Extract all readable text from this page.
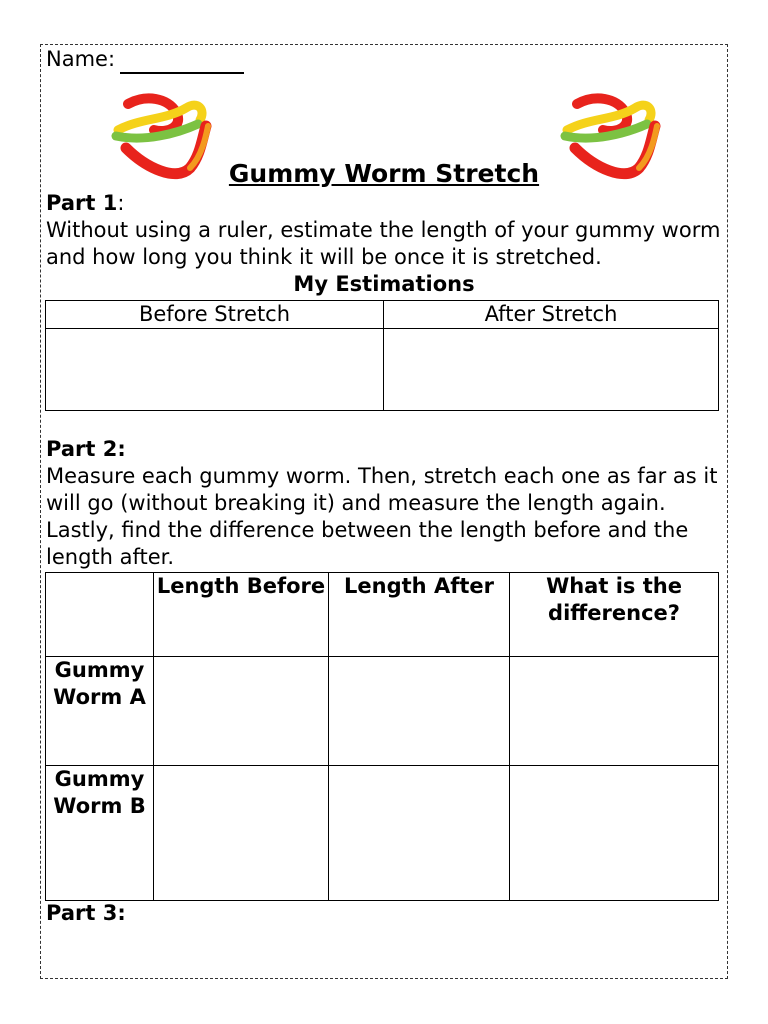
Name:
Gummy Worm Stretch
Part 1:
Without using a ruler, estimate the length of your gummy worm and how long you think it will be once it is stretched.
My Estimations
Before Stretch	After Stretch

Part 2:
Measure each gummy worm. Then, stretch each one as far as it will go (without breaking it) and measure the length again. Lastly, find the difference between the length before and the length after.
	Length Before	Length After	What is the difference?
Gummy Worm A			
Gummy Worm B			
Part 3:
